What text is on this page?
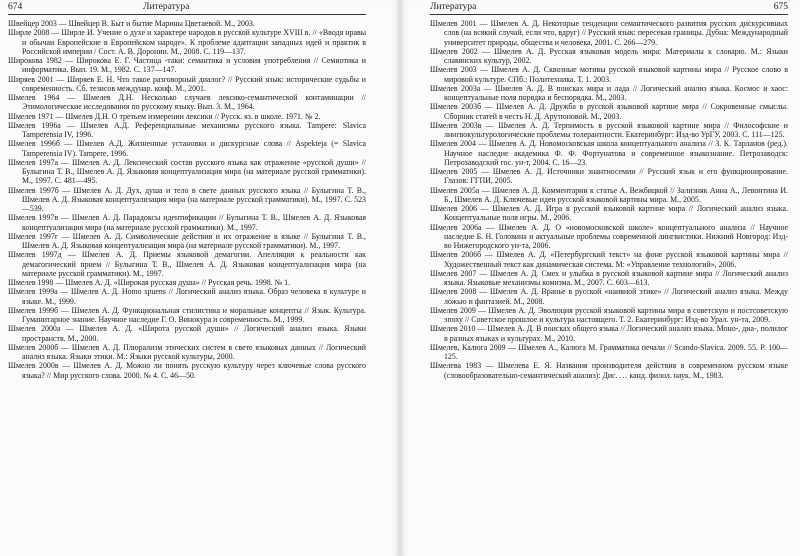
674	Литература

Швейцер 2003 — Швейцер В. Быт и бытие Марины Цветаевой. М., 2003.

Ширле 2008 — Ширле И. Учение о духе и характере народов в русской культуре XVIII в. // «Вводя нравы и обычаи Европейские в Европейском народе». К проблеме адаптации западных идей и практик в Российской империи / Сост. А. В. Доронин. М., 2008. С. 119—137.

Широкова 1982 — Широкова Е. Г. Частица -таки: семантика и условия употребления // Семиотика и информатика. Вып. 19. М., 1982. С. 137—147.

Ширяев 2001 — Ширяев Е. Н. Что такое разговорный диалог? // Русский язык: исторические судьбы и современность. Сб. тезисов междунар. конф. М., 2001.

Шмелев 1964 — Шмелев Д.Н. Несколько случаев лексико-семантической контаминации // Этимологические исследования по русскому языку. Вып. 3. М., 1964.

Шмелев 1971 — Шмелев Д.Н. О третьем измерении лексики // Русск. яз. в школе. 1971. № 2.

Шмелев 1996а — Шмелев А.Д. Референциальные механизмы русского языка. Tampere: Slavica Tamperensia IV, 1996.

Шмелев 1996б — Шмелев А.Д. Жизненные установки и дискурсные слова // Aspekteja (= Slavica Tamperensia IV). Tampere, 1996.

Шмелев 1997а — Шмелев А. Д. Лексический состав русского языка как отражение «русской души» // Булыгина Т. В., Шмелев А. Д. Языковая концептуализация мира (на материале русской грамматики). М., 1997. С. 481—495.

Шмелев 1997б — Шмелев А. Д. Дух, душа и тело в свете данных русского языка // Булыгина Т. В., Шмелев А. Д. Языковая концептуализация мира (на материале русской грамматики). М., 1997. С. 523—539.

Шмелев 1997в — Шмелев А. Д. Парадоксы идентификации // Булыгина Т. В., Шмелев А. Д. Языковая концептуализация мира (на материале русской грамматики). М., 1997.

Шмелев 1997г — Шмелев А. Д. Символические действия и их отражение в языке // Булыгина Т. В., Шмелев А. Д. Языковая концептуализация мира (на материале русской грамматики). М., 1997.

Шмелев 1997д — Шмелев А. Д. Приемы языковой демагогии. Апелляция к реальности как демагогический прием // Булыгина Т. В., Шмелев А. Д. Языковая концептуализация мира (на материале русской грамматики). М., 1997.

Шмелев 1998 — Шмелев А. Д. «Широкая русская душа» // Русская речь. 1998. № 1.

Шмелев 1999а — Шмелев А. Д. Homo spuens // Логический анализ языка. Образ человека в культуре и языке. М., 1999.

Шмелев 1999б — Шмелев А. Д. Функциональная стилистика и моральные концепты // Язык. Культура. Гуманитарное знание. Научное наследие Г. О. Винокура и современность. М., 1999.

Шмелев 2000а — Шмелев А. Д. «Широта русской души» // Логический анализ языка. Языки пространств. М., 2000.

Шмелев 2000б — Шмелев А. Д. Плюрализм этических систем в свете языковых данных // Логический анализ языка. Языки этики. М.: Языки русской культуры, 2000.

Шмелев 2000в — Шмелев А. Д. Можно ли понять русскую культуру через ключевые слова русского языка? // Мир русского слова. 2000. № 4. С. 46—50.

Литература	675

Шмелев 2001 — Шмелев А. Д. Некоторые тенденции семантического развития русских дискурсивных слов (на всякий случай, если что, вдруг) // Русский язык: пересекая границы. Дубна: Международный университет природы, общества и человека, 2001. С. 266—279.

Шмелев 2002 — Шмелев А. Д. Русская языковая модель мира: Материалы к словарю. М.: Языки славянских культур, 2002.

Шмелев 2003 — Шмелев А. Д. Сквозные мотивы русской языковой картины мира // Русское слово в мировой культуре. СПб.: Политехника. Т. 1. 2003.

Шмелев 2003а — Шмелев А. Д. В поисках мира и лада // Логический анализ языка. Космос и хаос: концептуальные поля порядка и беспорядка. М., 2003.

Шмелев 2003б — Шмелев А. Д. Дружба в русской языковой картине мира // Сокровенные смыслы. Сборник статей в честь Н. Д. Арутюновой. М., 2003.

Шмелев 2003в — Шмелев А. Д. Терпимость в русской языковой картине мира // Философские и лингвокультурологические проблемы толерантности. Екатеринбург: Изд-во УрГУ, 2003. С. 111—125.

Шмелев 2004 — Шмелев А. Д. Новомосковская школа концептуального анализа // З. К. Тарланов (ред.). Научное наследие академика Ф. Ф. Фортунатова и современное языкознание. Петрозаводск: Петрозаводский гос. ун-т, 2004. С. 16—23.

Шмелев 2005 — Шмелев А. Д. Источники энантиосемии // Русский язык и его функционирование. Глазов: ГГПИ, 2005.

Шмелев 2005а — Шмелев А. Д. Комментарии к статье А. Вежбицкой // Зализняк Анна А., Левонтина И. Б., Шмелев А. Д. Ключевые идеи русской языковой картины мира. М., 2005.

Шмелев 2006 — Шмелев А. Д. Игра в русской языковой картине мира // Логический анализ языка. Концептуальные поля игры. М., 2006.

Шмелев 2006а — Шмелев А. Д. О «новомосковской школе» концептуального анализа // Научное наследие Б. Н. Головина и актуальные проблемы современной лингвистики. Нижний Новгород: Изд-во Нижегородского ун-та, 2006.

Шмелев 2006б — Шмелев А. Д. «Петербургский текст» на фоне русской языковой картины мира // Художественный текст как динамическая система. М: «Управление технологий», 2006.

Шмелев 2007 — Шмелев А. Д. Смех и улыбка в русской языковой картине мира // Логический анализ языка. Языковые механизмы комизма. М., 2007. С. 603—613.

Шмелев 2008 — Шмелев А. Д. Вранье в русской «наивной этике» // Логический анализ языка. Между ложью и фантазией. М., 2008.

Шмелев 2009 — Шмелев А. Д. Эволюция русской языковой картины мира в советскую и постсоветскую эпоху // Советское прошлое и культура настоящего. Т. 2. Екатеринбург: Изд-во Урал. ун-та, 2009.

Шмелев 2010 — Шмелев А. Д. В поисках общего языка // Логический анализ языка. Моно-, диа-, полилог в разных языках и культурах. М., 2010.

Шмелев, Калюга 2009 — Шмелев А., Калюга М. Грамматика печали // Scando-Slavica. 2009. 55. P. 100—125.

Шмелева 1983 — Шмелева Е. Я. Названия производителя действия в современном русском языке (словообразовательно-семантический анализ): Дис. … канд. филол. наук. М., 1983.
